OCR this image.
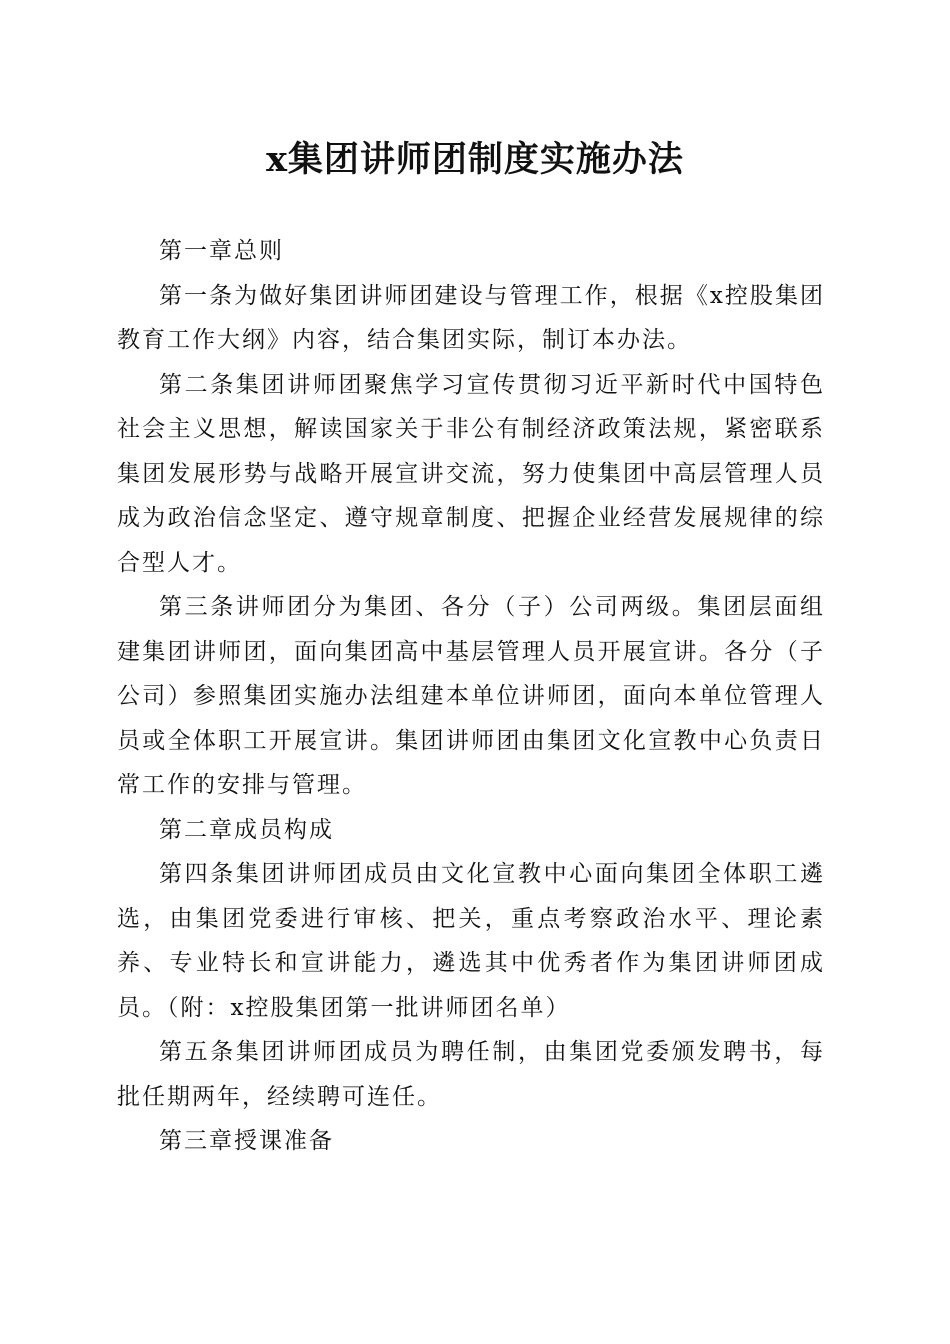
x集团讲师团制度实施办法

第一章总则

第一条为做好集团讲师团建设与管理工作，根据《x控股集团教育工作大纲》内容，结合集团实际，制订本办法。

第二条集团讲师团聚焦学习宣传贯彻习近平新时代中国特色社会主义思想，解读国家关于非公有制经济政策法规，紧密联系集团发展形势与战略开展宣讲交流，努力使集团中高层管理人员成为政治信念坚定、遵守规章制度、把握企业经营发展规律的综合型人才。

第三条讲师团分为集团、各分（子）公司两级。集团层面组建集团讲师团，面向集团高中基层管理人员开展宣讲。各分（子公司）参照集团实施办法组建本单位讲师团，面向本单位管理人员或全体职工开展宣讲。集团讲师团由集团文化宣教中心负责日常工作的安排与管理。

第二章成员构成

第四条集团讲师团成员由文化宣教中心面向集团全体职工遴选，由集团党委进行审核、把关，重点考察政治水平、理论素养、专业特长和宣讲能力，遴选其中优秀者作为集团讲师团成员。（附：x控股集团第一批讲师团名单）

第五条集团讲师团成员为聘任制，由集团党委颁发聘书，每批任期两年，经续聘可连任。

第三章授课准备
